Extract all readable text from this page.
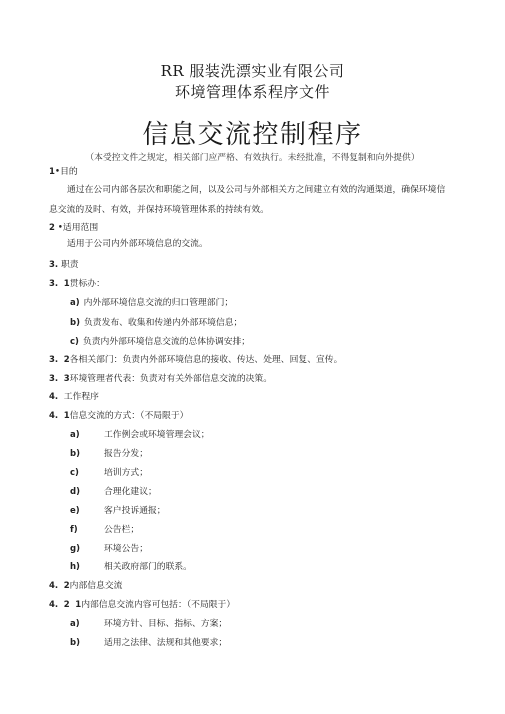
RR 服装洗漂实业有限公司
环境管理体系程序文件
信息交流控制程序
（本受控文件之规定，相关部门应严格、有效执行。未经批准，不得复制和向外提供）
1•目的
通过在公司内部各层次和职能之间，以及公司与外部相关方之间建立有效的沟通渠道，确保环境信息交流的及时、有效，并保持环境管理体系的持续有效。
2 •适用范围
适用于公司内外部环境信息的交流。
3. 职责
3. 1贯标办：
a) 内外部环境信息交流的归口管理部门；
b) 负责发布、收集和传递内外部环境信息；
c) 负责内外部环境信息交流的总体协调安排；
3. 2各相关部门：负责内外部环境信息的接收、传达、处理、回复、宣传。
3. 3环境管理者代表：负责对有关外部信息交流的决策。
4. 工作程序
4. 1信息交流的方式：（不局限于）
a)	工作例会或环境管理会议；
b)	报告分发；
c)	培训方式；
d)	合理化建议；
e)	客户投诉通报；
f)	公告栏；
g)	环境公告；
h)	相关政府部门的联系。
4. 2内部信息交流
4. 2 1内部信息交流内容可包括：（不局限于）
a)	环境方针、目标、指标、方案；
b)	适用之法律、法规和其他要求；
